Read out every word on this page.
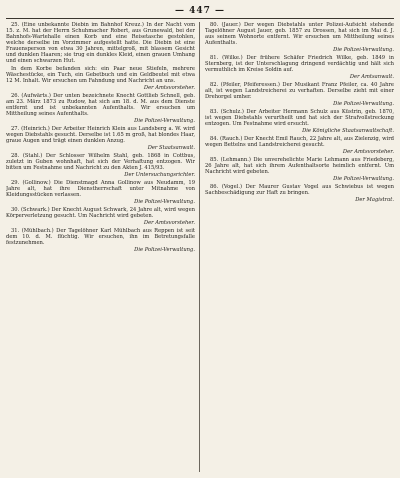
— 447 —

25. (Eine unbekannte Diebin im Bahnhof Kreuz.) In der Nacht vom 15. z. M. hat der Herrn Schuhmacher Robert, aus Grunewald, bei der Bahnhofs-Wartehalle einen Korb und eine Reisetasche gestohlen, welche derselbe im Vorzimmer aufgestellt hatte. Die Diebin ist eine Frauensperson von etwa 30 Jahren, mittelgroß, mit blassem Gesicht und dunklen Haaren; sie trug ein dunkles Kleid, einen grauen Umhang und einen schwarzen Hut.

In dem Korbe befanden sich: ein Paar neue Stiefeln, mehrere Wäschestücke, ein Tuch, ein Gebetbuch und ein Geldbeutel mit etwa 12 M. Inhalt. Wir ersuchen um Fahndung und Nachricht an uns.

Der Amtsvorsteher.

26. (Aufwärts.) Der unten bezeichnete Knecht Gottlieb Schnell, geb. am 23. März 1873 zu Rudow, hat sich am 18. d. M. aus dem Dienste entfernt und ist unbekannten Aufenthalts. Wir ersuchen um Mittheilung seines Aufenthalts.

Die Polizei-Verwaltung.

27. (Heinrich.) Der Arbeiter Heinrich Klein aus Landsberg a. W. wird wegen Diebstahls gesucht. Derselbe ist 1.65 m groß, hat blondes Haar, graue Augen und trägt einen dunklen Anzug.

Der Staatsanwalt.

28. (Stahl.) Der Schlosser Wilhelm Stahl, geb. 1868 in Cottbus, zuletzt in Guben wohnhaft, hat sich der Verhaftung entzogen. Wir bitten um Festnahme und Nachricht zu den Akten J. 415/93.

Der Untersuchungsrichter.

29. (Gollinow.) Die Dienstmagd Anna Gollinow aus Neudamm, 19 Jahre alt, hat ihre Dienstherrschaft unter Mitnahme von Kleidungsstücken verlassen.

Die Polizei-Verwaltung.

30. (Schwark.) Der Knecht August Schwark, 24 Jahre alt, wird wegen Körperverletzung gesucht. Um Nachricht wird gebeten.

Der Amtsvorsteher.

31. (Mühlbach.) Der Tagelöhner Karl Mühlbach aus Reppen ist seit dem 10. d. M. flüchtig. Wir ersuchen, ihn im Betretungsfalle festzunehmen.

Die Polizei-Verwaltung.

80. (Jauer.) Der wegen Diebstahls unter Polizei-Aufsicht stehende Tagelöhner August Jauer, geb. 1857 zu Drossen, hat sich im Mai d. J. aus seinem Wohnorte entfernt. Wir ersuchen um Mittheilung seines Aufenthalts.

Die Polizei-Verwaltung.

81. (Wilke.) Der frühere Schäfer Friedrich Wilke, geb. 1849 in Sternberg, ist der Unterschlagung dringend verdächtig und hält sich vermuthlich im Kreise Soldin auf.

Der Amtsanwalt.

82. (Pfeiler, Pfeiferessen.) Der Musikant Franz Pfeiler, ca. 40 Jahre alt, ist wegen Landstreicherei zu verhaften. Derselbe zieht mit einer Drehorgel umher.

Die Polizei-Verwaltung.

83. (Schulz.) Der Arbeiter Hermann Schulz aus Küstrin, geb. 1870, ist wegen Diebstahls verurtheilt und hat sich der Strafvollstreckung entzogen. Um Festnahme wird ersucht.

Die Königliche Staatsanwaltschaft.

84. (Rauch.) Der Knecht Emil Rauch, 22 Jahre alt, aus Zielenzig, wird wegen Bettelns und Landstreicherei gesucht.

Der Amtsvorsteher.

85. (Lehmann.) Die unverehelichte Marie Lehmann aus Friedeberg, 26 Jahre alt, hat sich ihrem Aufenthaltsorte heimlich entfernt. Um Nachricht wird gebeten.

Die Polizei-Verwaltung.

86. (Vogel.) Der Maurer Gustav Vogel aus Schwiebus ist wegen Sachbeschädigung zur Haft zu bringen.

Der Magistrat.
